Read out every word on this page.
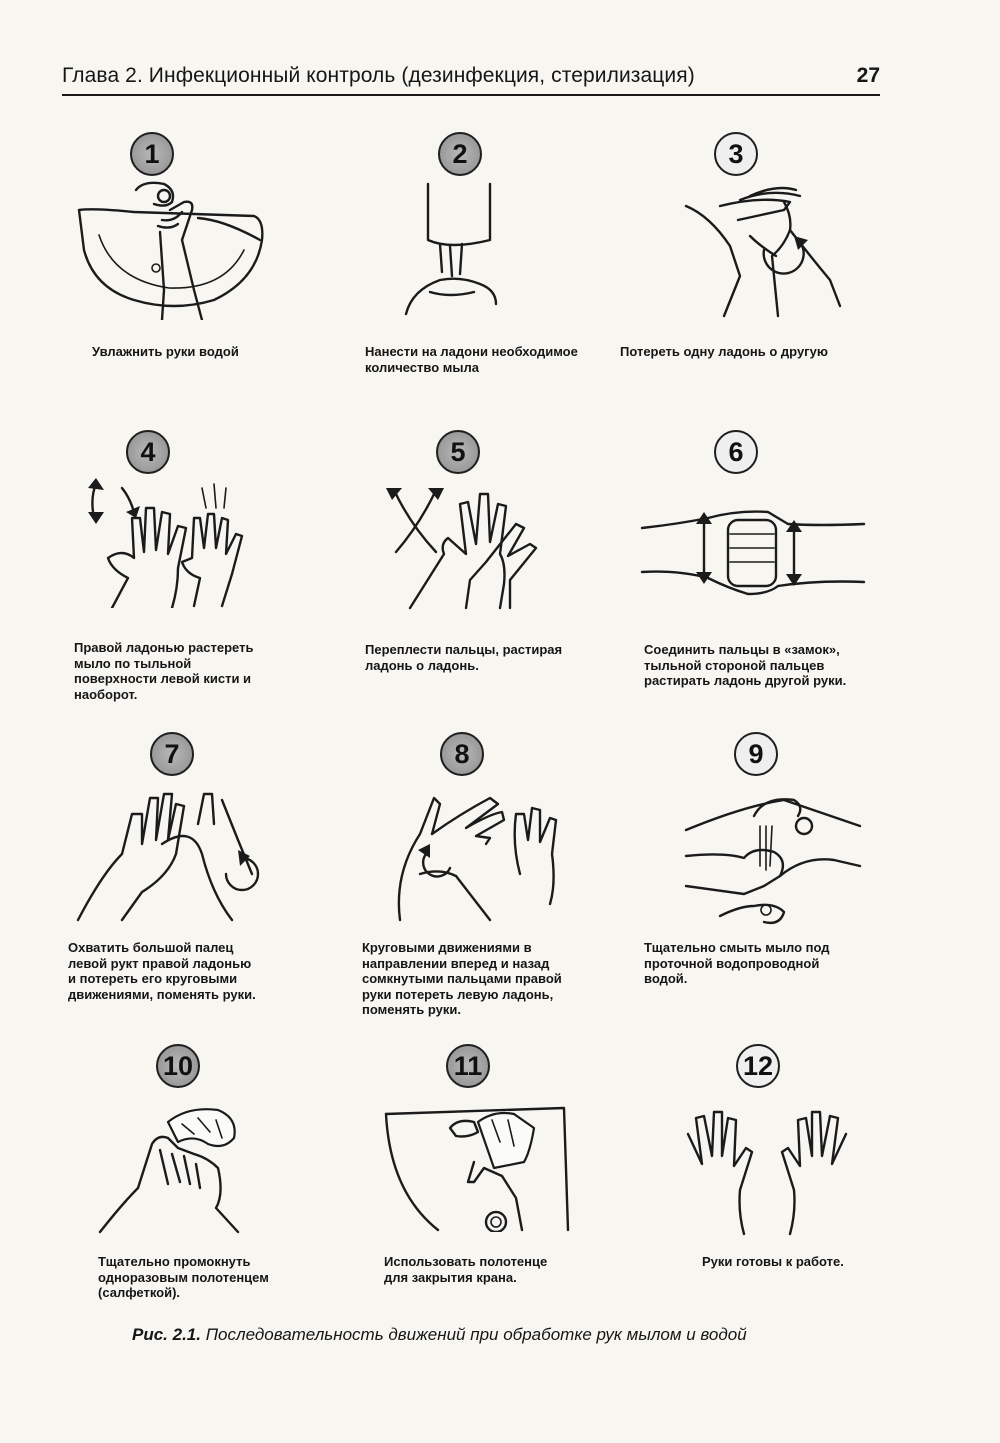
Глава 2. Инфекционный контроль (дезинфекция, стерилизация)	27
1
Увлажнить руки водой
2
Нанести на ладони необходимое
количество мыла
3
Потереть одну ладонь о другую
4
Правой ладонью растереть
мыло по тыльной
поверхности левой кисти и
наоборот.
5
Переплести пальцы, растирая
ладонь о ладонь.
6
Соединить пальцы в «замок»,
тыльной стороной пальцев
растирать ладонь другой руки.
7
Охватить большой палец
левой рукт правой ладонью
и потереть его круговыми
движениями, поменять руки.
8
Круговыми движениями в
направлении вперед и назад
сомкнутыми пальцами правой
руки потереть левую ладонь,
поменять руки.
9
Тщательно смыть мыло под
проточной водопроводной
водой.
10
Тщательно промокнуть
одноразовым полотенцем
(салфеткой).
11
Использовать полотенце
для закрытия крана.
12
Руки готовы к работе.
Рис. 2.1. Последовательность движений при обработке рук мылом и водой
